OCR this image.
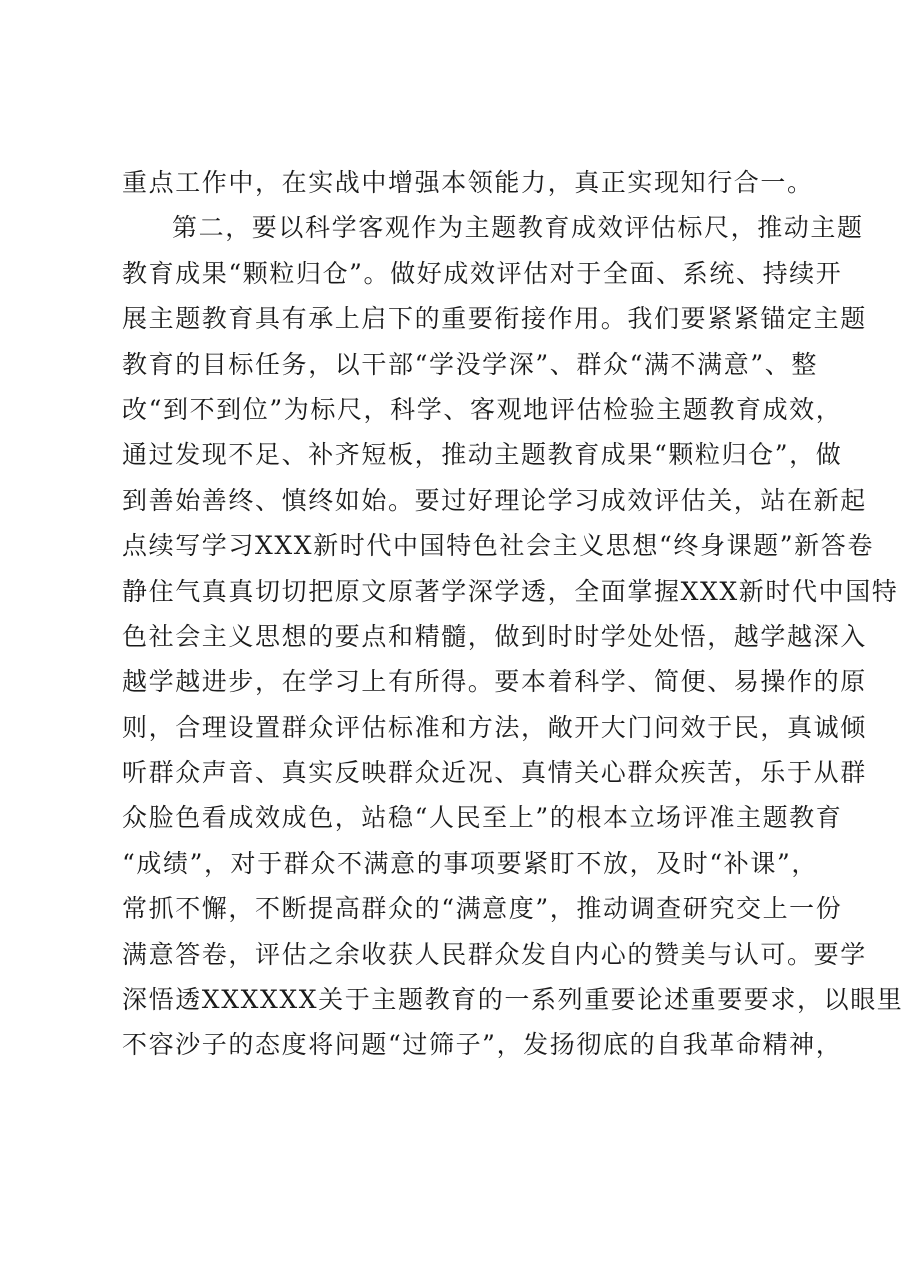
重点工作中，在实战中增强本领能力，真正实现知行合一。
第二，要以科学客观作为主题教育成效评估标尺，推动主题
教育成果“颗粒归仓”。做好成效评估对于全面、系统、持续开
展主题教育具有承上启下的重要衔接作用。我们要紧紧锚定主题
教育的目标任务，以干部“学没学深”、群众“满不满意”、整
改“到不到位”为标尺，科学、客观地评估检验主题教育成效，
通过发现不足、补齐短板，推动主题教育成果“颗粒归仓”，做
到善始善终、慎终如始。要过好理论学习成效评估关，站在新起
点续写学习XXX新时代中国特色社会主义思想“终身课题”新答卷
静住气真真切切把原文原著学深学透，全面掌握XXX新时代中国特
色社会主义思想的要点和精髓，做到时时学处处悟，越学越深入
越学越进步，在学习上有所得。要本着科学、简便、易操作的原
则，合理设置群众评估标准和方法，敞开大门问效于民，真诚倾
听群众声音、真实反映群众近况、真情关心群众疾苦，乐于从群
众脸色看成效成色，站稳“人民至上”的根本立场评准主题教育
“成绩”，对于群众不满意的事项要紧盯不放，及时“补课”，
常抓不懈，不断提高群众的“满意度”，推动调查研究交上一份
满意答卷，评估之余收获人民群众发自内心的赞美与认可。要学
深悟透XXXXXX关于主题教育的一系列重要论述重要要求，以眼里
不容沙子的态度将问题“过筛子”，发扬彻底的自我革命精神，
